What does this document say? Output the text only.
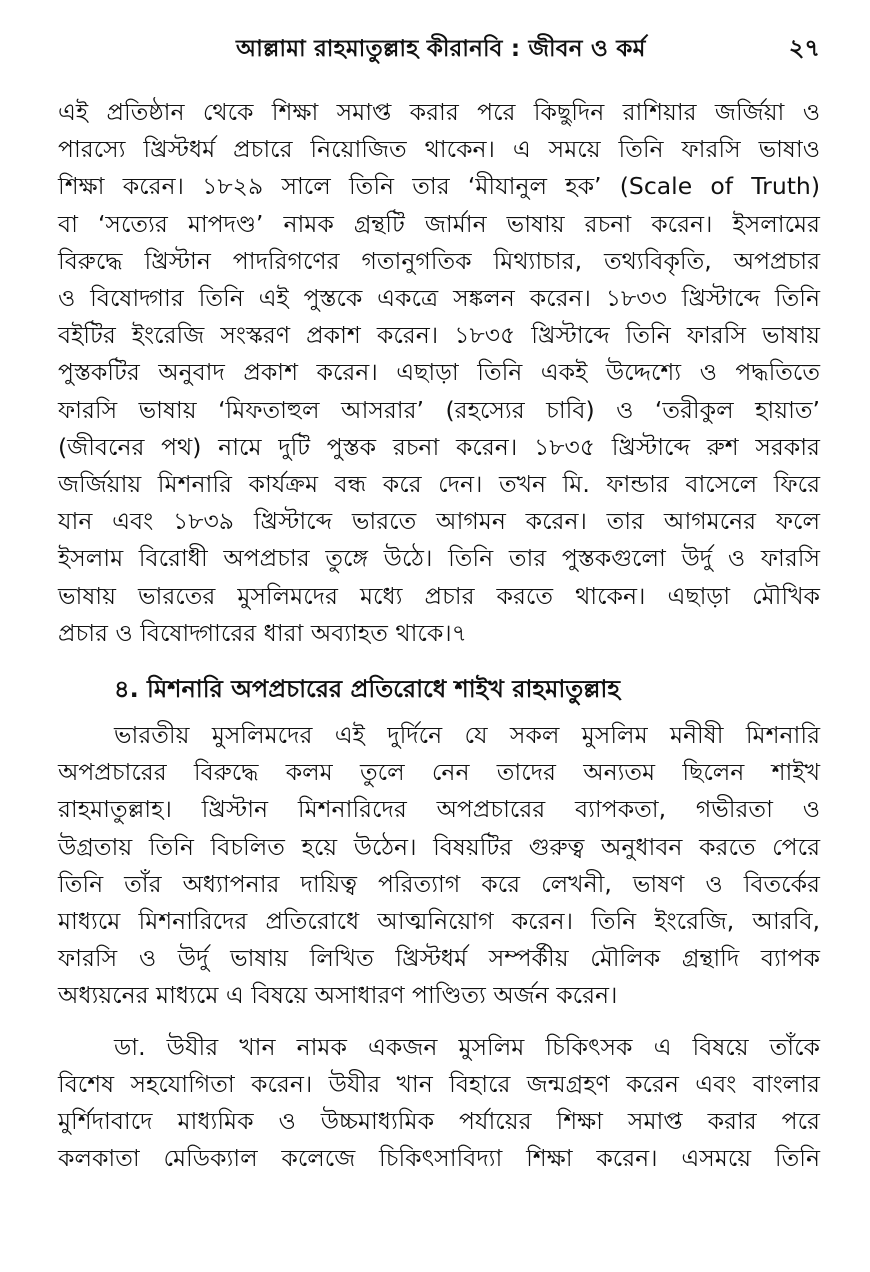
আল্লামা রাহমাতুল্লাহ কীরানবি : জীবন ও কর্ম	২৭

এই প্রতিষ্ঠান থেকে শিক্ষা সমাপ্ত করার পরে কিছুদিন রাশিয়ার জর্জিয়া ও
পারস্যে খ্রিস্টধর্ম প্রচারে নিয়োজিত থাকেন। এ সময়ে তিনি ফারসি ভাষাও
শিক্ষা করেন। ১৮২৯ সালে তিনি তার ‘মীযানুল হক’ (Scale of Truth)
বা ‘সত্যের মাপদণ্ড’ নামক গ্রন্থটি জার্মান ভাষায় রচনা করেন। ইসলামের
বিরুদ্ধে খ্রিস্টান পাদরিগণের গতানুগতিক মিথ্যাচার, তথ্যবিকৃতি, অপপ্রচার
ও বিষোদ্গার তিনি এই পুস্তকে একত্রে সঙ্কলন করেন। ১৮৩৩ খ্রিস্টাব্দে তিনি
বইটির ইংরেজি সংস্করণ প্রকাশ করেন। ১৮৩৫ খ্রিস্টাব্দে তিনি ফারসি ভাষায়
পুস্তকটির অনুবাদ প্রকাশ করেন। এছাড়া তিনি একই উদ্দেশ্যে ও পদ্ধতিতে
ফারসি ভাষায় ‘মিফতাহুল আসরার’ (রহস্যের চাবি) ও ‘তরীকুল হায়াত’
(জীবনের পথ) নামে দুটি পুস্তক রচনা করেন। ১৮৩৫ খ্রিস্টাব্দে রুশ সরকার
জর্জিয়ায় মিশনারি কার্যক্রম বন্ধ করে দেন। তখন মি. ফান্ডার বাসেলে ফিরে
যান এবং ১৮৩৯ খ্রিস্টাব্দে ভারতে আগমন করেন। তার আগমনের ফলে
ইসলাম বিরোধী অপপ্রচার তুঙ্গে উঠে। তিনি তার পুস্তকগুলো উর্দু ও ফারসি
ভাষায় ভারতের মুসলিমদের মধ্যে প্রচার করতে থাকেন। এছাড়া মৌখিক
প্রচার ও বিষোদ্গারের ধারা অব্যাহত থাকে।৭

৪. মিশনারি অপপ্রচারের প্রতিরোধে শাইখ রাহমাতুল্লাহ

ভারতীয় মুসলিমদের এই দুর্দিনে যে সকল মুসলিম মনীষী মিশনারি
অপপ্রচারের বিরুদ্ধে কলম তুলে নেন তাদের অন্যতম ছিলেন শাইখ
রাহমাতুল্লাহ। খ্রিস্টান মিশনারিদের অপপ্রচারের ব্যাপকতা, গভীরতা ও
উগ্রতায় তিনি বিচলিত হয়ে উঠেন। বিষয়টির গুরুত্ব অনুধাবন করতে পেরে
তিনি তাঁর অধ্যাপনার দায়িত্ব পরিত্যাগ করে লেখনী, ভাষণ ও বিতর্কের
মাধ্যমে মিশনারিদের প্রতিরোধে আত্মনিয়োগ করেন। তিনি ইংরেজি, আরবি,
ফারসি ও উর্দু ভাষায় লিখিত খ্রিস্টধর্ম সম্পর্কীয় মৌলিক গ্রন্থাদি ব্যাপক
অধ্যয়নের মাধ্যমে এ বিষয়ে অসাধারণ পাণ্ডিত্য অর্জন করেন।

ডা. উযীর খান নামক একজন মুসলিম চিকিৎসক এ বিষয়ে তাঁকে
বিশেষ সহযোগিতা করেন। উযীর খান বিহারে জন্মগ্রহণ করেন এবং বাংলার
মুর্শিদাবাদে মাধ্যমিক ও উচ্চমাধ্যমিক পর্যায়ের শিক্ষা সমাপ্ত করার পরে
কলকাতা মেডিক্যাল কলেজে চিকিৎসাবিদ্যা শিক্ষা করেন। এসময়ে তিনি
